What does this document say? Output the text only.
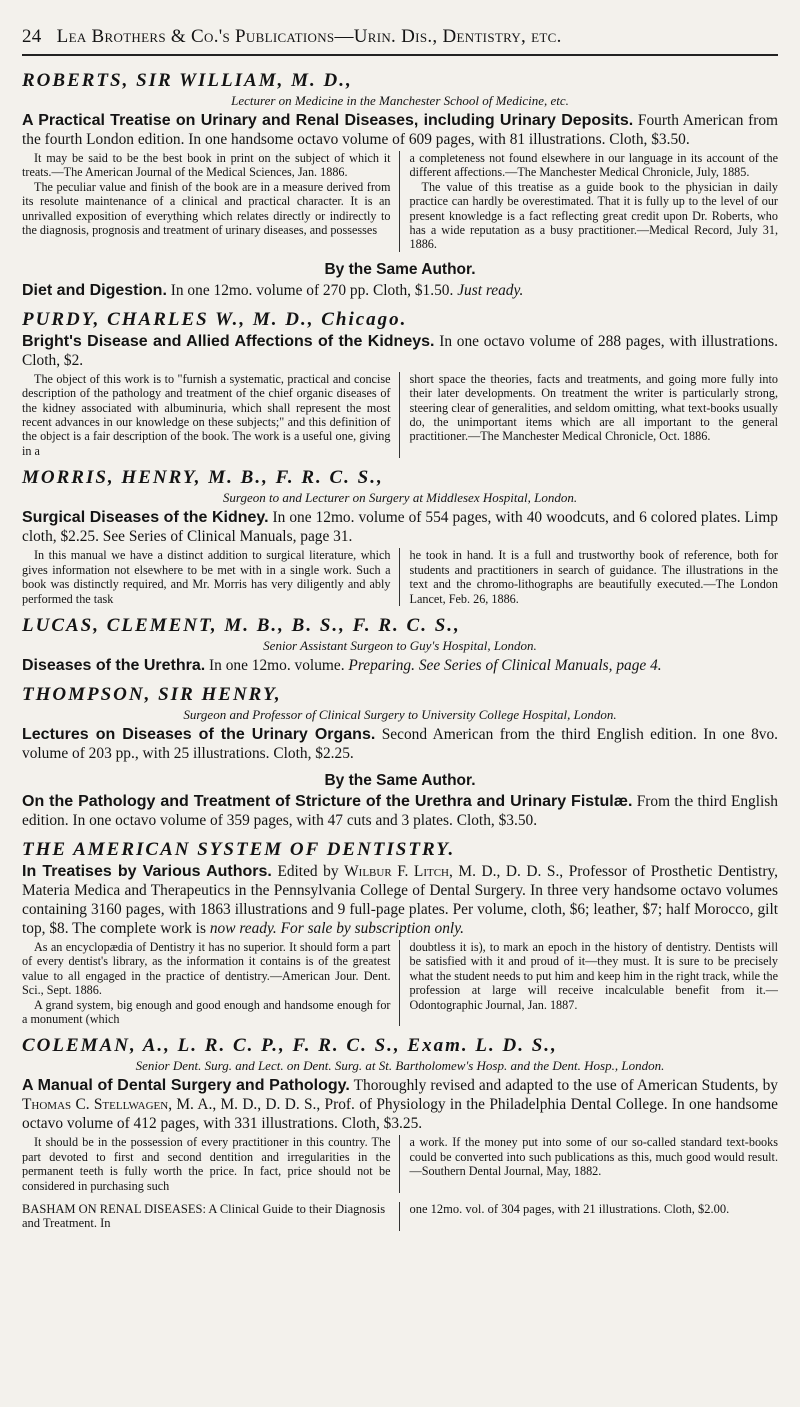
24 Lea Brothers & Co.'s Publications—Urin. Dis., Dentistry, etc.
ROBERTS, SIR WILLIAM, M. D.,
Lecturer on Medicine in the Manchester School of Medicine, etc.

A Practical Treatise on Urinary and Renal Diseases, including Urinary Deposits. Fourth American from the fourth London edition. In one handsome octavo volume of 609 pages, with 81 illustrations. Cloth, $3.50.

It may be said to be the best book in print on the subject of which it treats.—The American Journal of the Medical Sciences, Jan. 1886.

The peculiar value and finish of the book are in a measure derived from its resolute maintenance of a clinical and practical character. It is an unrivalled exposition of everything which relates directly or indirectly to the diagnosis, prognosis and treatment of urinary diseases, and possesses

a completeness not found elsewhere in our language in its account of the different affections.—The Manchester Medical Chronicle, July, 1885.

The value of this treatise as a guide book to the physician in daily practice can hardly be overestimated. That it is fully up to the level of our present knowledge is a fact reflecting great credit upon Dr. Roberts, who has a wide reputation as a busy practitioner.—Medical Record, July 31, 1886.

By the Same Author.

Diet and Digestion. In one 12mo. volume of 270 pp. Cloth, $1.50. Just ready.

PURDY, CHARLES W., M. D., Chicago.

Bright's Disease and Allied Affections of the Kidneys. In one octavo volume of 288 pages, with illustrations. Cloth, $2.

The object of this work is to "furnish a systematic, practical and concise description of the pathology and treatment of the chief organic diseases of the kidney associated with albuminuria, which shall represent the most recent advances in our knowledge on these subjects;" and this definition of the object is a fair description of the book. The work is a useful one, giving in a

short space the theories, facts and treatments, and going more fully into their later developments. On treatment the writer is particularly strong, steering clear of generalities, and seldom omitting, what text-books usually do, the unimportant items which are all important to the general practitioner.—The Manchester Medical Chronicle, Oct. 1886.

MORRIS, HENRY, M. B., F. R. C. S.,
Surgeon to and Lecturer on Surgery at Middlesex Hospital, London.

Surgical Diseases of the Kidney. In one 12mo. volume of 554 pages, with 40 woodcuts, and 6 colored plates. Limp cloth, $2.25. See Series of Clinical Manuals, page 31.

In this manual we have a distinct addition to surgical literature, which gives information not elsewhere to be met with in a single work. Such a book was distinctly required, and Mr. Morris has very diligently and ably performed the task

he took in hand. It is a full and trustworthy book of reference, both for students and practitioners in search of guidance. The illustrations in the text and the chromo-lithographs are beautifully executed.—The London Lancet, Feb. 26, 1886.

LUCAS, CLEMENT, M. B., B. S., F. R. C. S.,
Senior Assistant Surgeon to Guy's Hospital, London.

Diseases of the Urethra. In one 12mo. volume. Preparing. See Series of Clinical Manuals, page 4.

THOMPSON, SIR HENRY,
Surgeon and Professor of Clinical Surgery to University College Hospital, London.

Lectures on Diseases of the Urinary Organs. Second American from the third English edition. In one 8vo. volume of 203 pp., with 25 illustrations. Cloth, $2.25.

By the Same Author.

On the Pathology and Treatment of Stricture of the Urethra and Urinary Fistulæ. From the third English edition. In one octavo volume of 359 pages, with 47 cuts and 3 plates. Cloth, $3.50.

THE AMERICAN SYSTEM OF DENTISTRY.

In Treatises by Various Authors. Edited by Wilbur F. Litch, M. D., D. D. S., Professor of Prosthetic Dentistry, Materia Medica and Therapeutics in the Pennsylvania College of Dental Surgery. In three very handsome octavo volumes containing 3160 pages, with 1863 illustrations and 9 full-page plates. Per volume, cloth, $6; leather, $7; half Morocco, gilt top, $8. The complete work is now ready. For sale by subscription only.

As an encyclopædia of Dentistry it has no superior. It should form a part of every dentist's library, as the information it contains is of the greatest value to all engaged in the practice of dentistry.—American Jour. Dent. Sci., Sept. 1886.

A grand system, big enough and good enough and handsome enough for a monument (which

doubtless it is), to mark an epoch in the history of dentistry. Dentists will be satisfied with it and proud of it—they must. It is sure to be precisely what the student needs to put him and keep him in the right track, while the profession at large will receive incalculable benefit from it.—Odontographic Journal, Jan. 1887.

COLEMAN, A., L. R. C. P., F. R. C. S., Exam. L. D. S.,
Senior Dent. Surg. and Lect. on Dent. Surg. at St. Bartholomew's Hosp. and the Dent. Hosp., London.

A Manual of Dental Surgery and Pathology. Thoroughly revised and adapted to the use of American Students, by Thomas C. Stellwagen, M. A., M. D., D. D. S., Prof. of Physiology in the Philadelphia Dental College. In one handsome octavo volume of 412 pages, with 331 illustrations. Cloth, $3.25.

It should be in the possession of every practitioner in this country. The part devoted to first and second dentition and irregularities in the permanent teeth is fully worth the price. In fact, price should not be considered in purchasing such

a work. If the money put into some of our so-called standard text-books could be converted into such publications as this, much good would result. —Southern Dental Journal, May, 1882.

BASHAM ON RENAL DISEASES: A Clinical Guide to their Diagnosis and Treatment. In
one 12mo. vol. of 304 pages, with 21 illustrations. Cloth, $2.00.
